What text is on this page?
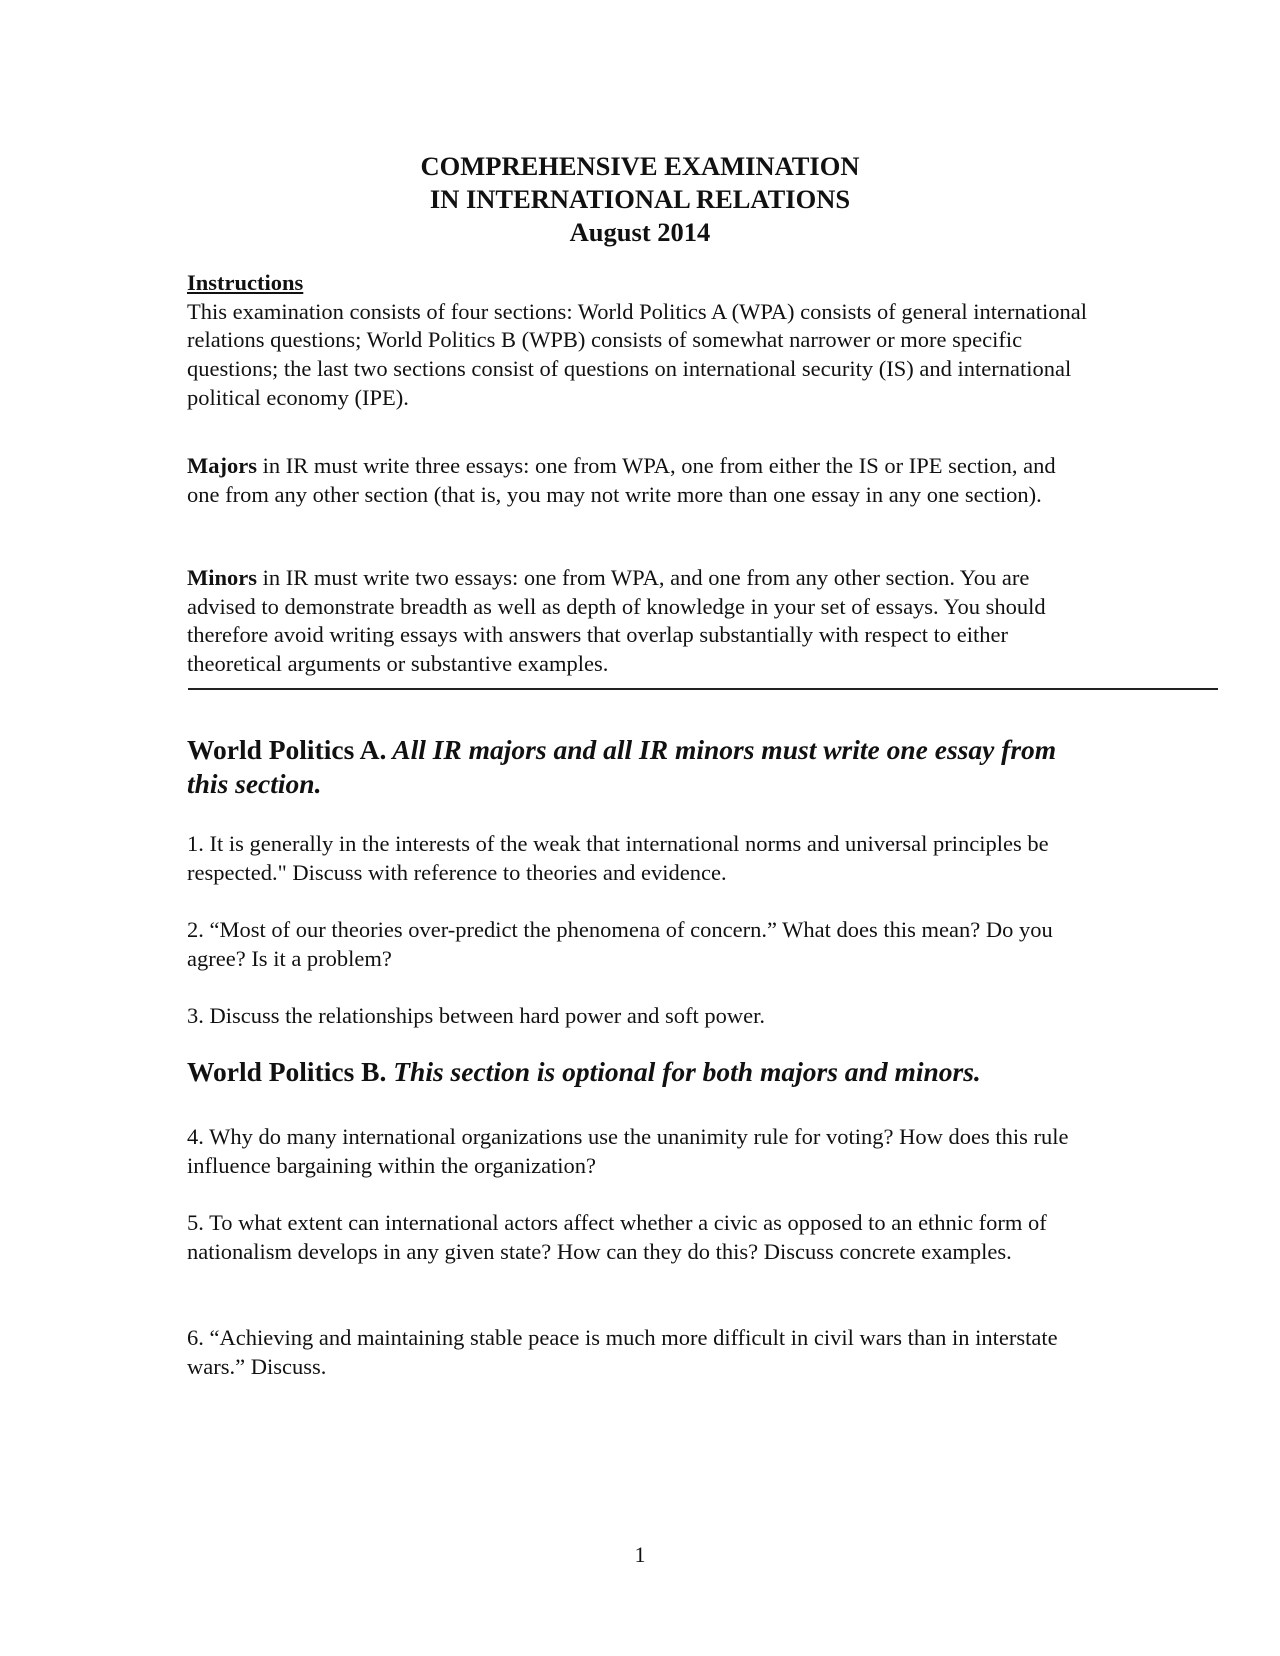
COMPREHENSIVE EXAMINATION
IN INTERNATIONAL RELATIONS
August 2014
Instructions

This examination consists of four sections: World Politics A (WPA) consists of general international relations questions; World Politics B (WPB) consists of somewhat narrower or more specific questions; the last two sections consist of questions on international security (IS) and international political economy (IPE).

Majors in IR must write three essays: one from WPA, one from either the IS or IPE section, and one from any other section (that is, you may not write more than one essay in any one section).
Minors in IR must write two essays: one from WPA, and one from any other section. You are advised to demonstrate breadth as well as depth of knowledge in your set of essays. You should therefore avoid writing essays with answers that overlap substantially with respect to either theoretical arguments or substantive examples.
World Politics A. All IR majors and all IR minors must write one essay from this section.
1. It is generally in the interests of the weak that international norms and universal principles be respected." Discuss with reference to theories and evidence.
2. “Most of our theories over-predict the phenomena of concern.” What does this mean? Do you agree? Is it a problem?
3. Discuss the relationships between hard power and soft power.
World Politics B. This section is optional for both majors and minors.
4. Why do many international organizations use the unanimity rule for voting? How does this rule influence bargaining within the organization?
5. To what extent can international actors affect whether a civic as opposed to an ethnic form of nationalism develops in any given state? How can they do this? Discuss concrete examples.
6. “Achieving and maintaining stable peace is much more difficult in civil wars than in interstate wars.” Discuss.
1
